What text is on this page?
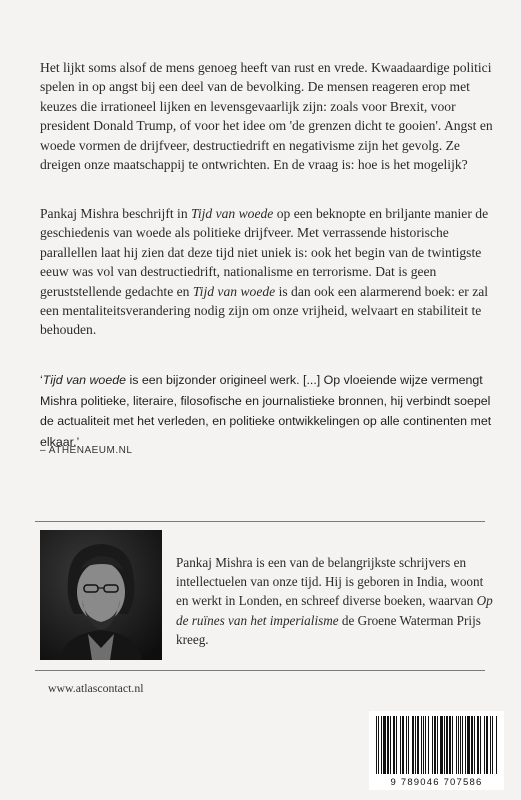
Het lijkt soms alsof de mens genoeg heeft van rust en vrede. Kwaadaardige politici spelen in op angst bij een deel van de bevolking. De mensen reageren erop met keuzes die irrationeel lijken en levensgevaarlijk zijn: zoals voor Brexit, voor president Donald Trump, of voor het idee om 'de grenzen dicht te gooien'. Angst en woede vormen de drijfveer, destructiedrift en negativisme zijn het gevolg. Ze dreigen onze maatschappij te ontwrichten. En de vraag is: hoe is het mogelijk?
Pankaj Mishra beschrijft in Tijd van woede op een beknopte en briljante manier de geschiedenis van woede als politieke drijfveer. Met verrassende historische parallellen laat hij zien dat deze tijd niet uniek is: ook het begin van de twintigste eeuw was vol van destructiedrift, nationalisme en terrorisme. Dat is geen geruststellende gedachte en Tijd van woede is dan ook een alarmerend boek: er zal een mentaliteitsverandering nodig zijn om onze vrijheid, welvaart en stabiliteit te behouden.
‘Tijd van woede is een bijzonder origineel werk. [...] Op vloeiende wijze vermengt Mishra politieke, literaire, filosofische en journalistieke bronnen, hij verbindt soepel de actualiteit met het verleden, en politieke ontwikkelingen op alle continenten met elkaar.’
– ATHENAEUM.NL
Pankaj Mishra is een van de belangrijkste schrijvers en intellectuelen van onze tijd. Hij is geboren in India, woont en werkt in Londen, en schreef diverse boeken, waarvan Op de ruïnes van het imperialisme de Groene Waterman Prijs kreeg.
www.atlascontact.nl
9 789046 707586
